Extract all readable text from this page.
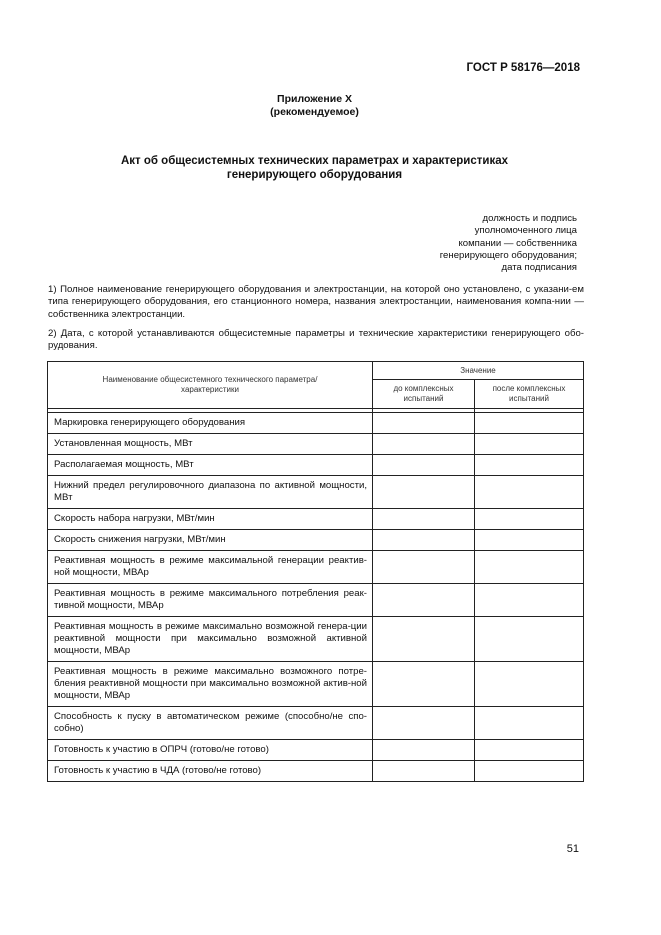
ГОСТ Р 58176—2018
Приложение Х
(рекомендуемое)
Акт об общесистемных технических параметрах и характеристиках
генерирующего оборудования
должность и подпись
уполномоченного лица
компании — собственника
генерирующего оборудования;
дата подписания

1) Полное наименование генерирующего оборудования и электростанции, на которой оно установлено, с указани-ем типа генерирующего оборудования, его станционного номера, названия электростанции, наименования компа-нии — собственника электростанции.

2) Дата, с которой устанавливаются общесистемные параметры и технические характеристики генерирующего обо-рудования.

Наименование общесистемного технического параметра/характеристики	Значение	
	до комплексных испытаний	после комплексных испытаний

Маркировка генерирующего оборудования		
Установленная мощность, МВт		
Располагаемая мощность, МВт		
Нижний предел регулировочного диапазона по активной мощности, МВт		
Скорость набора нагрузки, МВт/мин		
Скорость снижения нагрузки, МВт/мин		
Реактивная мощность в режиме максимальной генерации реактив-ной мощности, МВАр		
Реактивная мощность в режиме максимального потребления реак-тивной мощности, МВАр		
Реактивная мощность в режиме максимально возможной генера-ции реактивной мощности при максимально возможной активной мощности, МВАр		
Реактивная мощность в режиме максимально возможного потре-бления реактивной мощности при максимально возможной актив-ной мощности, МВАр		
Способность к пуску в автоматическом режиме (способно/не спо-собно)		
Готовность к участию в ОПРЧ (готово/не готово)		
Готовность к участию в ЧДА (готово/не готово)		
51
